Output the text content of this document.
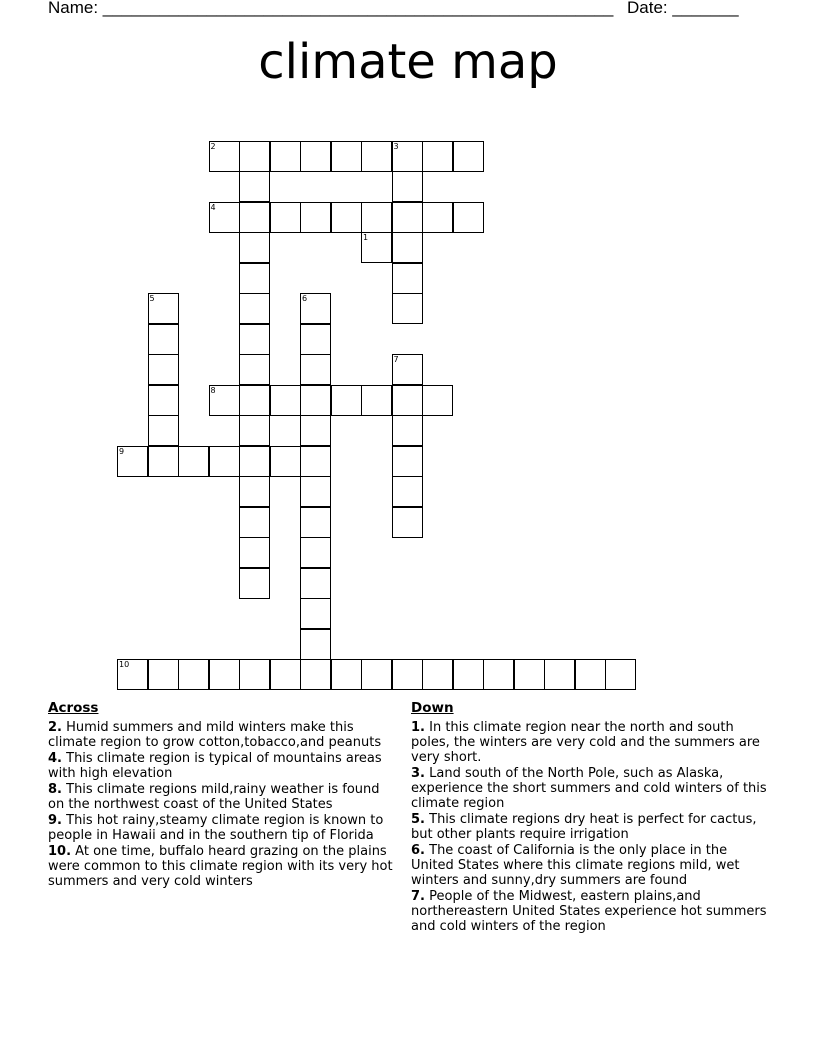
Name: ______________________________________________________ Date: _______
climate map
1
2	3
4
5	6
7
8
9
10
Across
2. Humid summers and mild winters make this climate region to grow cotton,tobacco,and peanuts
4. This climate region is typical of mountains areas with high elevation
8. This climate regions mild,rainy weather is found on the northwest coast of the United States
9. This hot rainy,steamy climate region is known to people in Hawaii and in the southern tip of Florida
10. At one time, buffalo heard grazing on the plains were common to this climate region with its very hot summers and very cold winters
Down
1. In this climate region near the north and south poles, the winters are very cold and the summers are very short.
3. Land south of the North Pole, such as Alaska, experience the short summers and cold winters of this climate region
5. This climate regions dry heat is perfect for cactus, but other plants require irrigation
6. The coast of California is the only place in the United States where this climate regions mild, wet winters and sunny,dry summers are found
7. People of the Midwest, eastern plains,and northereastern United States experience hot summers and cold winters of the region
